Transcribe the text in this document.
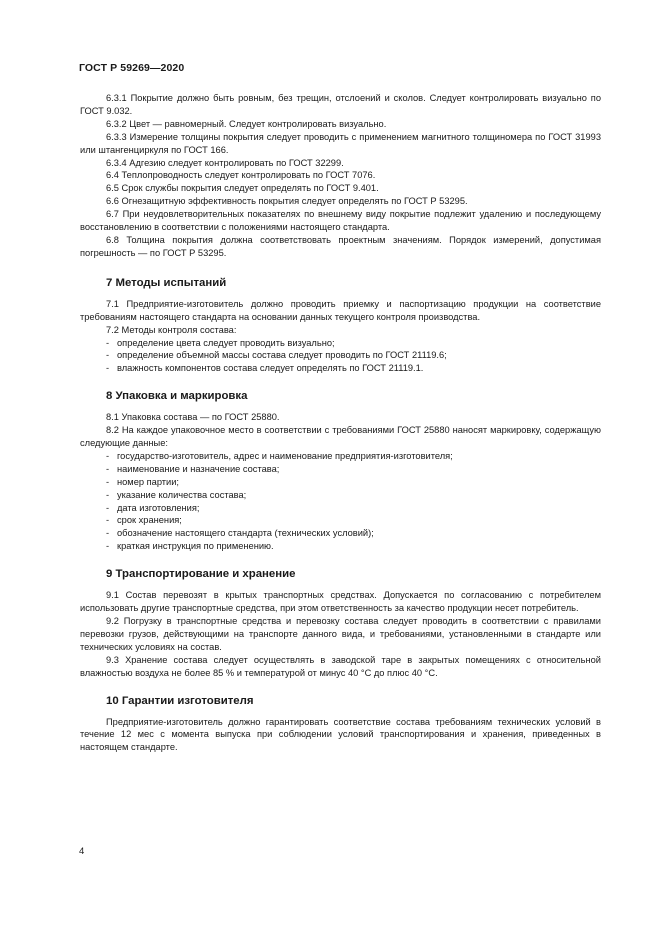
ГОСТ Р 59269—2020

6.3.1 Покрытие должно быть ровным, без трещин, отслоений и сколов. Следует контролировать визуально по ГОСТ 9.032.

6.3.2 Цвет — равномерный. Следует контролировать визуально.

6.3.3 Измерение толщины покрытия следует проводить с применением магнитного толщиномера по ГОСТ 31993 или штангенциркуля по ГОСТ 166.

6.3.4 Адгезию следует контролировать по ГОСТ 32299.

6.4 Теплопроводность следует контролировать по ГОСТ 7076.

6.5 Срок службы покрытия следует определять по ГОСТ 9.401.

6.6 Огнезащитную эффективность покрытия следует определять по ГОСТ Р 53295.

6.7 При неудовлетворительных показателях по внешнему виду покрытие подлежит удалению и последующему восстановлению в соответствии с положениями настоящего стандарта.

6.8 Толщина покрытия должна соответствовать проектным значениям. Порядок измерений, допустимая погрешность — по ГОСТ Р 53295.

7 Методы испытаний

7.1 Предприятие-изготовитель должно проводить приемку и паспортизацию продукции на соответствие требованиям настоящего стандарта на основании данных текущего контроля производства.

7.2 Методы контроля состава:

- определение цвета следует проводить визуально;
- определение объемной массы состава следует проводить по ГОСТ 21119.6;
- влажность компонентов состава следует определять по ГОСТ 21119.1.
8 Упаковка и маркировка

8.1 Упаковка состава — по ГОСТ 25880.

8.2 На каждое упаковочное место в соответствии с требованиями ГОСТ 25880 наносят маркировку, содержащую следующие данные:

- государство-изготовитель, адрес и наименование предприятия-изготовителя;
- наименование и назначение состава;
- номер партии;
- указание количества состава;
- дата изготовления;
- срок хранения;
- обозначение настоящего стандарта (технических условий);
- краткая инструкция по применению.
9 Транспортирование и хранение

9.1 Состав перевозят в крытых транспортных средствах. Допускается по согласованию с потребителем использовать другие транспортные средства, при этом ответственность за качество продукции несет потребитель.

9.2 Погрузку в транспортные средства и перевозку состава следует проводить в соответствии с правилами перевозки грузов, действующими на транспорте данного вида, и требованиями, установленными в стандарте или технических условиях на состав.

9.3 Хранение состава следует осуществлять в заводской таре в закрытых помещениях с относительной влажностью воздуха не более 85 % и температурой от минус 40 °С до плюс 40 °С.

10 Гарантии изготовителя

Предприятие-изготовитель должно гарантировать соответствие состава требованиям технических условий в течение 12 мес с момента выпуска при соблюдении условий транспортирования и хранения, приведенных в настоящем стандарте.

4
